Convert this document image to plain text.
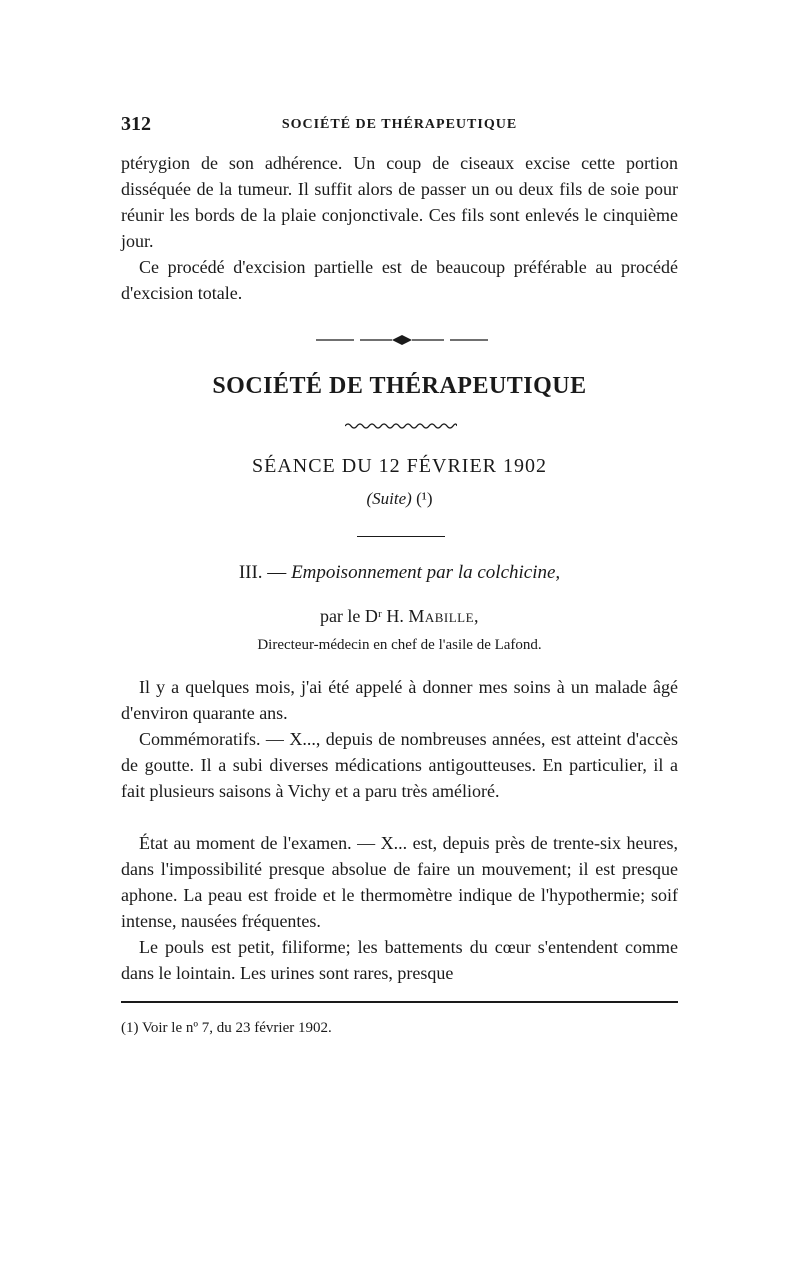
312	SOCIÉTÉ DE THÉRAPEUTIQUE

ptérygion de son adhérence. Un coup de ciseaux excise cette portion disséquée de la tumeur. Il suffit alors de passer un ou deux fils de soie pour réunir les bords de la plaie conjonctivale. Ces fils sont enlevés le cinquième jour.

Ce procédé d'excision partielle est de beaucoup préférable au procédé d'excision totale.

SOCIÉTÉ DE THÉRAPEUTIQUE
SÉANCE DU 12 FÉVRIER 1902
(Suite) (¹)
III. — Empoisonnement par la colchicine,
par le Dʳ H. Mabille,
Directeur-médecin en chef de l'asile de Lafond.

Il y a quelques mois, j'ai été appelé à donner mes soins à un malade âgé d'environ quarante ans.

Commémoratifs. — X..., depuis de nombreuses années, est atteint d'accès de goutte. Il a subi diverses médications antigoutteuses. En particulier, il a fait plusieurs saisons à Vichy et a paru très amélioré.

État au moment de l'examen. — X... est, depuis près de trente-six heures, dans l'impossibilité presque absolue de faire un mouvement; il est presque aphone. La peau est froide et le thermomètre indique de l'hypothermie; soif intense, nausées fréquentes.

Le pouls est petit, filiforme; les battements du cœur s'entendent comme dans le lointain. Les urines sont rares, presque

(1) Voir le nº 7, du 23 février 1902.
